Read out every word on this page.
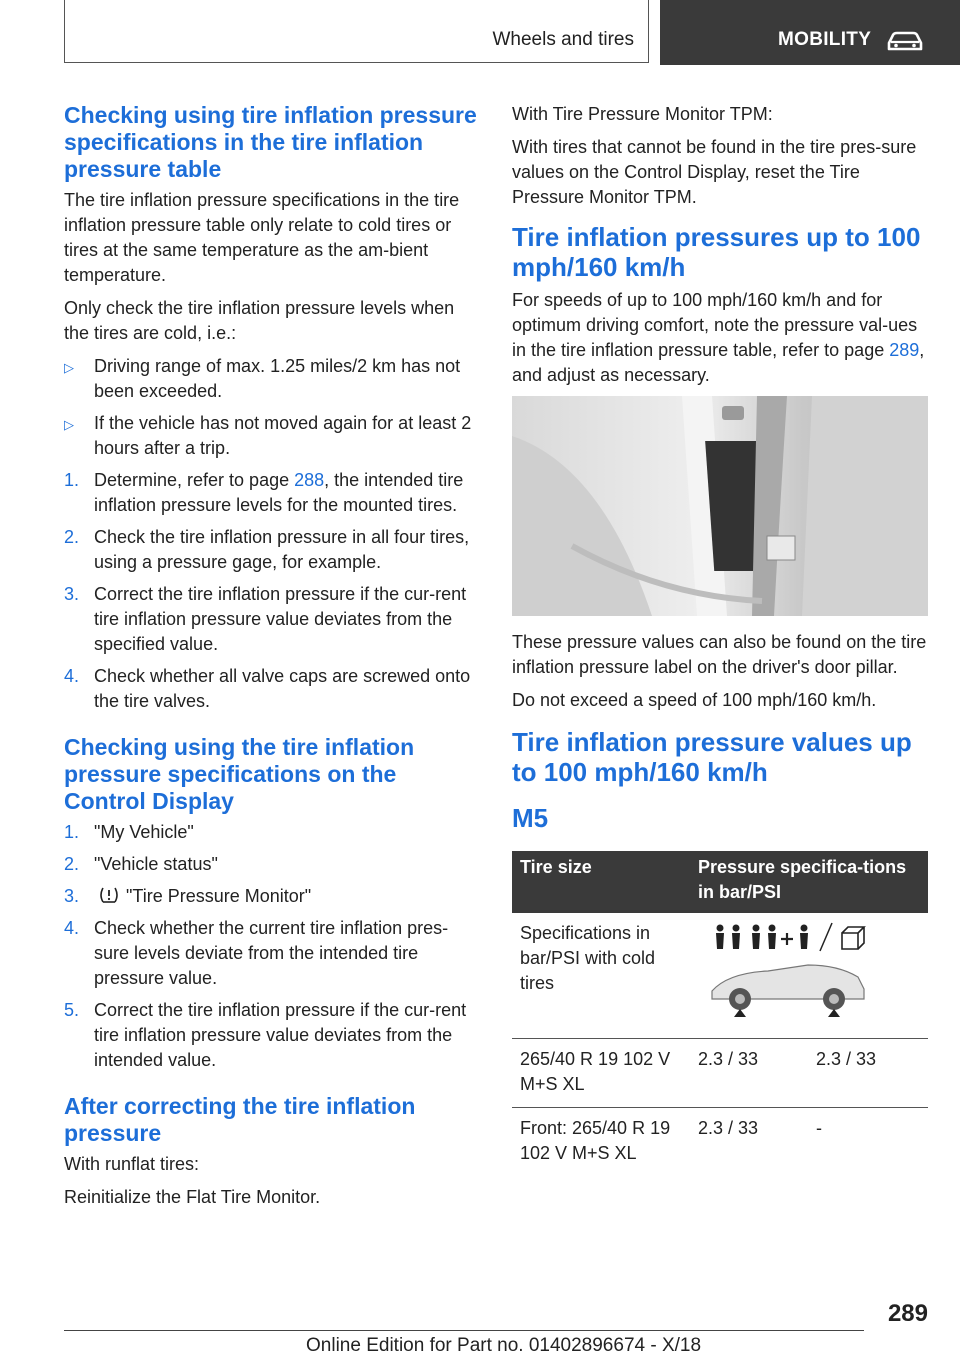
Wheels and tires	MOBILITY
Checking using tire inflation pressure specifications in the tire inflation pressure table

The tire inflation pressure specifications in the tire inflation pressure table only relate to cold tires or tires at the same temperature as the am‐bient temperature.

Only check the tire inflation pressure levels when the tires are cold, i.e.:

▷ Driving range of max. 1.25 miles/2 km has not been exceeded.
▷ If the vehicle has not moved again for at least 2 hours after a trip.
1. Determine, refer to page 288, the intended tire inflation pressure levels for the mounted tires.
2. Check the tire inflation pressure in all four tires, using a pressure gage, for example.
3. Correct the tire inflation pressure if the cur‐rent tire inflation pressure value deviates from the specified value.
4. Check whether all valve caps are screwed onto the tire valves.
Checking using the tire inflation pressure specifications on the Control Display
1. "My Vehicle"
2. "Vehicle status"
3.	"Tire Pressure Monitor"
4. Check whether the current tire inflation pres‐sure levels deviate from the intended tire pressure value.
5. Correct the tire inflation pressure if the cur‐rent tire inflation pressure value deviates from the intended value.
After correcting the tire inflation pressure

With runflat tires:

Reinitialize the Flat Tire Monitor.

With Tire Pressure Monitor TPM:

With tires that cannot be found in the tire pres‐sure values on the Control Display, reset the Tire Pressure Monitor TPM.

Tire inflation pressures up to 100 mph/160 km/h

For speeds of up to 100 mph/160 km/h and for optimum driving comfort, note the pressure val‐ues in the tire inflation pressure table, refer to page 289, and adjust as necessary.

These pressure values can also be found on the tire inflation pressure label on the driver's door pillar.

Do not exceed a speed of 100 mph/160 km/h.

Tire inflation pressure values up to 100 mph/160 km/h
M5
Tire size	Pressure specifica‐tions in bar/PSI	
Specifications in bar/PSI with cold tires	
265/40 R 19 102 V M+S XL	2.3 / 33	2.3 / 33
Front: 265/40 R 19 102 V M+S XL	2.3 / 33	-
289
Online Edition for Part no. 01402896674 - X/18
